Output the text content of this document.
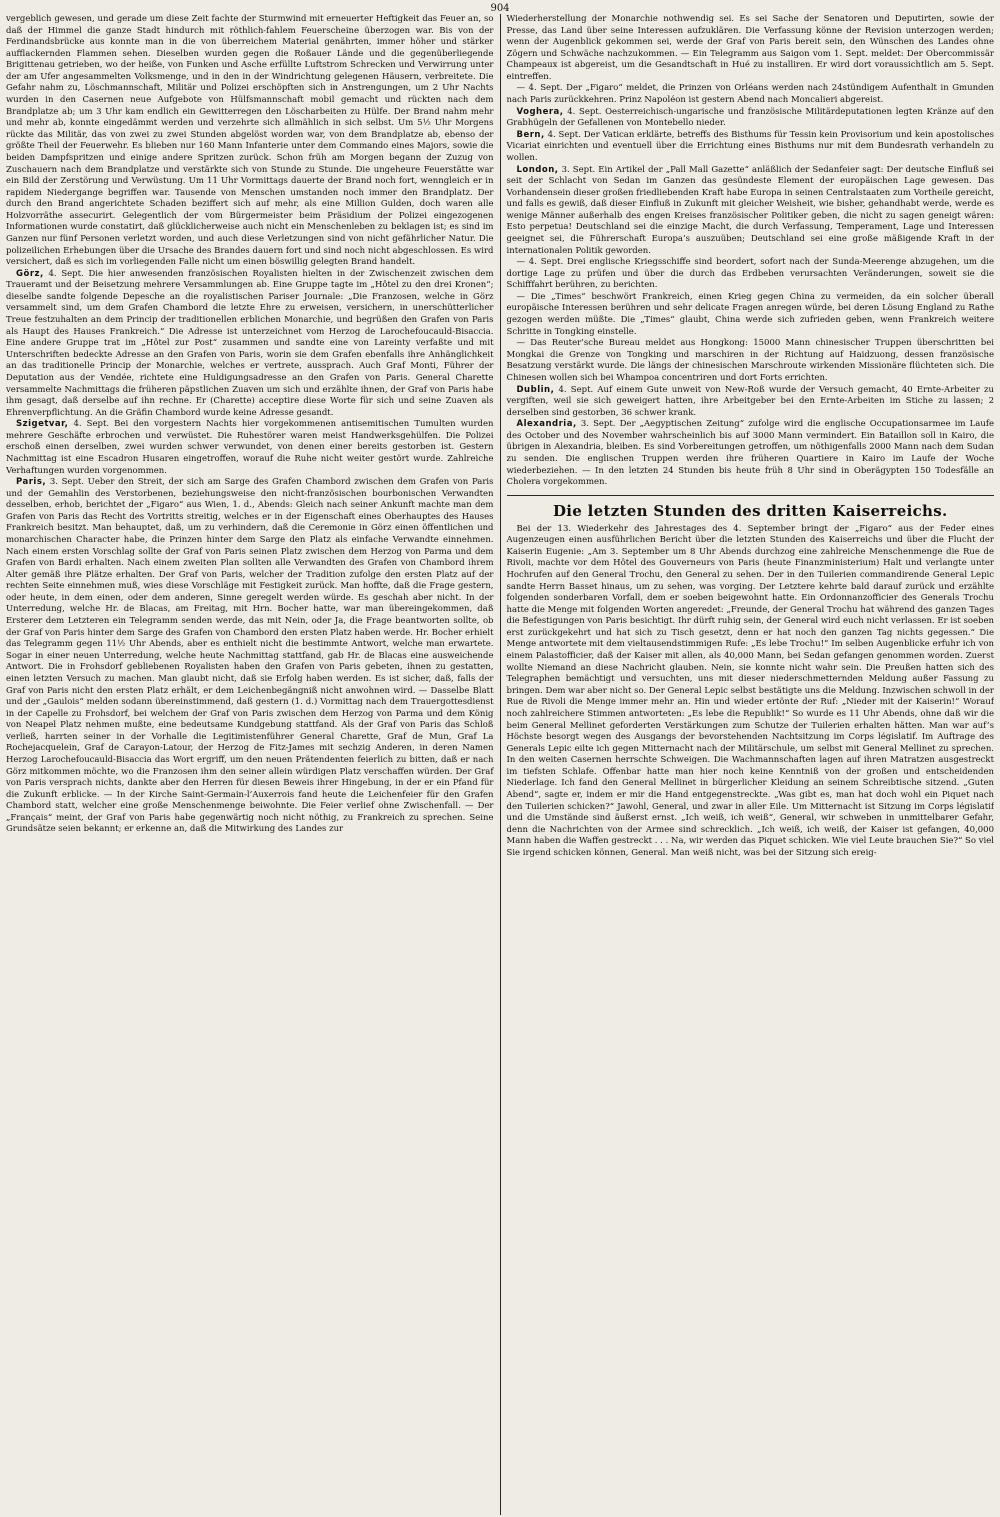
904

vergeblich gewesen, und gerade um diese Zeit fachte der Sturmwind mit erneuerter Heftigkeit das Feuer an, so daß der Himmel die ganze Stadt hindurch mit röthlich-fahlem Feuerscheine überzogen war. Bis von der Ferdinandsbrücke aus konnte man in die von überreichem Material genährten, immer höher und stärker aufflackernden Flammen sehen. Dieselben wurden gegen die Roßauer Lände und die gegenüberliegende Brigittenau getrieben, wo der heiße, von Funken und Asche erfüllte Luftstrom Schrecken und Verwirrung unter der am Ufer angesammelten Volksmenge, und in den in der Windrichtung gelegenen Häusern, verbreitete. Die Gefahr nahm zu, Löschmannschaft, Militär und Polizei erschöpften sich in Anstrengungen, um 2 Uhr Nachts wurden in den Casernen neue Aufgebote von Hülfsmannschaft mobil gemacht und rückten nach dem Brandplatze ab; um 3 Uhr kam endlich ein Gewitterregen den Löscharbeiten zu Hülfe. Der Brand nahm mehr und mehr ab, konnte eingedämmt werden und verzehrte sich allmählich in sich selbst. Um 5½ Uhr Morgens rückte das Militär, das von zwei zu zwei Stunden abgelöst worden war, von dem Brandplatze ab, ebenso der größte Theil der Feuerwehr. Es blieben nur 160 Mann Infanterie unter dem Commando eines Majors, sowie die beiden Dampfspritzen und einige andere Spritzen zurück. Schon früh am Morgen begann der Zuzug von Zuschauern nach dem Brandplatze und verstärkte sich von Stunde zu Stunde. Die ungeheure Feuerstätte war ein Bild der Zerstörung und Verwüstung. Um 11 Uhr Vormittags dauerte der Brand noch fort, wenngleich er in rapidem Niedergange begriffen war. Tausende von Menschen umstanden noch immer den Brandplatz. Der durch den Brand angerichtete Schaden beziffert sich auf mehr, als eine Million Gulden, doch waren alle Holzvorräthe assecurirt. Gelegentlich der vom Bürgermeister beim Präsidium der Polizei eingezogenen Informationen wurde constatirt, daß glücklicherweise auch nicht ein Menschenleben zu beklagen ist; es sind im Ganzen nur fünf Personen verletzt worden, und auch diese Verletzungen sind von nicht gefährlicher Natur. Die polizeilichen Erhebungen über die Ursache des Brandes dauern fort und sind noch nicht abgeschlossen. Es wird versichert, daß es sich im vorliegenden Falle nicht um einen böswillig gelegten Brand handelt.

Görz, 4. Sept. Die hier anwesenden französischen Royalisten hielten in der Zwischenzeit zwischen dem Traueramt und der Beisetzung mehrere Versammlungen ab. Eine Gruppe tagte im „Hôtel zu den drei Kronen“; dieselbe sandte folgende Depesche an die royalistischen Pariser Journale: „Die Franzosen, welche in Görz versammelt sind, um dem Grafen Chambord die letzte Ehre zu erweisen, versichern, in unerschütterlicher Treue festzuhalten an dem Princip der traditionellen erblichen Monarchie, und begrüßen den Grafen von Paris als Haupt des Hauses Frankreich.“ Die Adresse ist unterzeichnet vom Herzog de Larochefoucauld-Bisaccia. Eine andere Gruppe trat im „Hôtel zur Post“ zusammen und sandte eine von Lareinty verfaßte und mit Unterschriften bedeckte Adresse an den Grafen von Paris, worin sie dem Grafen ebenfalls ihre Anhänglichkeit an das traditionelle Princip der Monarchie, welches er vertrete, aussprach. Auch Graf Monti, Führer der Deputation aus der Vendée, richtete eine Huldigungsadresse an den Grafen von Paris. General Charette versammelte Nachmittags die früheren päpstlichen Zuaven um sich und erzählte ihnen, der Graf von Paris habe ihm gesagt, daß derselbe auf ihn rechne. Er (Charette) acceptire diese Worte für sich und seine Zuaven als Ehrenverpflichtung. An die Gräfin Chambord wurde keine Adresse gesandt.

Szigetvar, 4. Sept. Bei den vorgestern Nachts hier vorgekommenen antisemitischen Tumulten wurden mehrere Geschäfte erbrochen und verwüstet. Die Ruhestörer waren meist Handwerksgehülfen. Die Polizei erschoß einen derselben, zwei wurden schwer verwundet, von denen einer bereits gestorben ist. Gestern Nachmittag ist eine Escadron Husaren eingetroffen, worauf die Ruhe nicht weiter gestört wurde. Zahlreiche Verhaftungen wurden vorgenommen.

Paris, 3. Sept. Ueber den Streit, der sich am Sarge des Grafen Chambord zwischen dem Grafen von Paris und der Gemahlin des Verstorbenen, beziehungsweise den nicht-französischen bourbonischen Verwandten desselben, erhob, berichtet der „Figaro“ aus Wien, 1. d., Abends: Gleich nach seiner Ankunft machte man dem Grafen von Paris das Recht des Vortritts streitig, welches er in der Eigenschaft eines Oberhauptes des Hauses Frankreich besitzt. Man behauptet, daß, um zu verhindern, daß die Ceremonie in Görz einen öffentlichen und monarchischen Character habe, die Prinzen hinter dem Sarge den Platz als einfache Verwandte einnehmen. Nach einem ersten Vorschlag sollte der Graf von Paris seinen Platz zwischen dem Herzog von Parma und dem Grafen von Bardi erhalten. Nach einem zweiten Plan sollten alle Verwandten des Grafen von Chambord ihrem Alter gemäß ihre Plätze erhalten. Der Graf von Paris, welcher der Tradition zufolge den ersten Platz auf der rechten Seite einnehmen muß, wies diese Vorschläge mit Festigkeit zurück. Man hoffte, daß die Frage gestern, oder heute, in dem einen, oder dem anderen, Sinne geregelt werden würde. Es geschah aber nicht. In der Unterredung, welche Hr. de Blacas, am Freitag, mit Hrn. Bocher hatte, war man übereingekommen, daß Ersterer dem Letzteren ein Telegramm senden werde, das mit Nein, oder Ja, die Frage beantworten sollte, ob der Graf von Paris hinter dem Sarge des Grafen von Chambord den ersten Platz haben werde. Hr. Bocher erhielt das Telegramm gegen 11½ Uhr Abends, aber es enthielt nicht die bestimmte Antwort, welche man erwartete. Sogar in einer neuen Unterredung, welche heute Nachmittag stattfand, gab Hr. de Blacas eine ausweichende Antwort. Die in Frohsdorf gebliebenen Royalisten haben den Grafen von Paris gebeten, ihnen zu gestatten, einen letzten Versuch zu machen. Man glaubt nicht, daß sie Erfolg haben werden. Es ist sicher, daß, falls der Graf von Paris nicht den ersten Platz erhält, er dem Leichenbegängniß nicht anwohnen wird. — Dasselbe Blatt und der „Gaulois“ melden sodann übereinstimmend, daß gestern (1. d.) Vormittag nach dem Trauergottesdienst in der Capelle zu Frohsdorf, bei welchem der Graf von Paris zwischen dem Herzog von Parma und dem König von Neapel Platz nehmen mußte, eine bedeutsame Kundgebung stattfand. Als der Graf von Paris das Schloß verließ, harrten seiner in der Vorhalle die Legitimistenführer General Charette, Graf de Mun, Graf La Rochejacquelein, Graf de Carayon-Latour, der Herzog de Fitz-James mit sechzig Anderen, in deren Namen Herzog Larochefoucauld-Bisaccia das Wort ergriff, um den neuen Prätendenten feierlich zu bitten, daß er nach Görz mitkommen möchte, wo die Franzosen ihm den seiner allein würdigen Platz verschaffen würden. Der Graf von Paris versprach nichts, dankte aber den Herren für diesen Beweis ihrer Hingebung, in der er ein Pfand für die Zukunft erblicke. — In der Kirche Saint-Germain-l’Auxerrois fand heute die Leichenfeier für den Grafen Chambord statt, welcher eine große Menschenmenge beiwohnte. Die Feier verlief ohne Zwischenfall. — Der „Français“ meint, der Graf von Paris habe gegenwärtig noch nicht nöthig, zu Frankreich zu sprechen. Seine Grundsätze seien bekannt; er erkenne an, daß die Mitwirkung des Landes zur

Wiederherstellung der Monarchie nothwendig sei. Es sei Sache der Senatoren und Deputirten, sowie der Presse, das Land über seine Interessen aufzuklären. Die Verfassung könne der Revision unterzogen werden; wenn der Augenblick gekommen sei, werde der Graf von Paris bereit sein, den Wünschen des Landes ohne Zögern und Schwäche nachzukommen. — Ein Telegramm aus Saigon vom 1. Sept. meldet: Der Obercommissär Champeaux ist abgereist, um die Gesandtschaft in Hué zu installiren. Er wird dort voraussichtlich am 5. Sept. eintreffen.

— 4. Sept. Der „Figaro“ meldet, die Prinzen von Orléans werden nach 24stündigem Aufenthalt in Gmunden nach Paris zurückkehren. Prinz Napoléon ist gestern Abend nach Moncalieri abgereist.

Voghera, 4. Sept. Oesterreichisch-ungarische und französische Militärdeputationen legten Kränze auf den Grabhügeln der Gefallenen von Montebello nieder.

Bern, 4. Sept. Der Vatican erklärte, betreffs des Bisthums für Tessin kein Provisorium und kein apostolisches Vicariat einrichten und eventuell über die Errichtung eines Bisthums nur mit dem Bundesrath verhandeln zu wollen.

London, 3. Sept. Ein Artikel der „Pall Mall Gazette“ anläßlich der Sedanfeier sagt: Der deutsche Einfluß sei seit der Schlacht von Sedan im Ganzen das gesündeste Element der europäischen Lage gewesen. Das Vorhandensein dieser großen friedliebenden Kraft habe Europa in seinen Centralstaaten zum Vortheile gereicht, und falls es gewiß, daß dieser Einfluß in Zukunft mit gleicher Weisheit, wie bisher, gehandhabt werde, werde es wenige Männer außerhalb des engen Kreises französischer Politiker geben, die nicht zu sagen geneigt wären: Esto perpetua! Deutschland sei die einzige Macht, die durch Verfassung, Temperament, Lage und Interessen geeignet sei, die Führerschaft Europa’s auszuüben; Deutschland sei eine große mäßigende Kraft in der internationalen Politik geworden.

— 4. Sept. Drei englische Kriegsschiffe sind beordert, sofort nach der Sunda-Meerenge abzugehen, um die dortige Lage zu prüfen und über die durch das Erdbeben verursachten Veränderungen, soweit sie die Schifffahrt berühren, zu berichten.

— Die „Times“ beschwört Frankreich, einen Krieg gegen China zu vermeiden, da ein solcher überall europäische Interessen berühren und sehr delicate Fragen anregen würde, bei deren Lösung England zu Rathe gezogen werden müßte. Die „Times“ glaubt, China werde sich zufrieden geben, wenn Frankreich weitere Schritte in Tongking einstelle.

— Das Reuter’sche Bureau meldet aus Hongkong: 15000 Mann chinesischer Truppen überschritten bei Mongkai die Grenze von Tongking und marschiren in der Richtung auf Haidzuong, dessen französische Besatzung verstärkt wurde. Die längs der chinesischen Marschroute wirkenden Missionäre flüchteten sich. Die Chinesen wollen sich bei Whampoa concentriren und dort Forts errichten.

Dublin, 4. Sept. Auf einem Gute unweit von New-Roß wurde der Versuch gemacht, 40 Ernte-Arbeiter zu vergiften, weil sie sich geweigert hatten, ihre Arbeitgeber bei den Ernte-Arbeiten im Stiche zu lassen; 2 derselben sind gestorben, 36 schwer krank.

Alexandria, 3. Sept. Der „Aegyptischen Zeitung“ zufolge wird die englische Occupationsarmee im Laufe des October und des November wahrscheinlich bis auf 3000 Mann vermindert. Ein Bataillon soll in Kairo, die übrigen in Alexandria, bleiben. Es sind Vorbereitungen getroffen, um nöthigenfalls 2000 Mann nach dem Sudan zu senden. Die englischen Truppen werden ihre früheren Quartiere in Kairo im Laufe der Woche wiederbeziehen. — In den letzten 24 Stunden bis heute früh 8 Uhr sind in Oberägypten 150 Todesfälle an Cholera vorgekommen.

Die letzten Stunden des dritten Kaiserreichs.

Bei der 13. Wiederkehr des Jahrestages des 4. September bringt der „Figaro“ aus der Feder eines Augenzeugen einen ausführlichen Bericht über die letzten Stunden des Kaiserreichs und über die Flucht der Kaiserin Eugenie: „Am 3. September um 8 Uhr Abends durchzog eine zahlreiche Menschenmenge die Rue de Rivoli, machte vor dem Hôtel des Gouverneurs von Paris (heute Finanzministerium) Halt und verlangte unter Hochrufen auf den General Trochu, den General zu sehen. Der in den Tuilerien commandirende General Lepic sandte Herrn Basset hinaus, um zu sehen, was vorging. Der Letztere kehrte bald darauf zurück und erzählte folgenden sonderbaren Vorfall, dem er soeben beigewohnt hatte. Ein Ordonnanzofficier des Generals Trochu hatte die Menge mit folgenden Worten angeredet: „Freunde, der General Trochu hat während des ganzen Tages die Befestigungen von Paris besichtigt. Ihr dürft ruhig sein, der General wird euch nicht verlassen. Er ist soeben erst zurückgekehrt und hat sich zu Tisch gesetzt, denn er hat noch den ganzen Tag nichts gegessen.“ Die Menge antwortete mit dem vieltausendstimmigen Rufe: „Es lebe Trochu!“ Im selben Augenblicke erfuhr ich von einem Palastofficier, daß der Kaiser mit allen, als 40,000 Mann, bei Sedan gefangen genommen worden. Zuerst wollte Niemand an diese Nachricht glauben. Nein, sie konnte nicht wahr sein. Die Preußen hatten sich des Telegraphen bemächtigt und versuchten, uns mit dieser niederschmetternden Meldung außer Fassung zu bringen. Dem war aber nicht so. Der General Lepic selbst bestätigte uns die Meldung. Inzwischen schwoll in der Rue de Rivoli die Menge immer mehr an. Hin und wieder ertönte der Ruf: „Nieder mit der Kaiserin!“ Worauf noch zahlreichere Stimmen antworteten: „Es lebe die Republik!“ So wurde es 11 Uhr Abends, ohne daß wir die beim General Mellinet geforderten Verstärkungen zum Schutze der Tuilerien erhalten hätten. Man war auf’s Höchste besorgt wegen des Ausgangs der bevorstehenden Nachtsitzung im Corps législatif. Im Auftrage des Generals Lepic eilte ich gegen Mitternacht nach der Militärschule, um selbst mit General Mellinet zu sprechen. In den weiten Casernen herrschte Schweigen. Die Wachmannschaften lagen auf ihren Matratzen ausgestreckt im tiefsten Schlafe. Offenbar hatte man hier noch keine Kenntniß von der großen und entscheidenden Niederlage. Ich fand den General Mellinet in bürgerlicher Kleidung an seinem Schreibtische sitzend. „Guten Abend“, sagte er, indem er mir die Hand entgegenstreckte. „Was gibt es, man hat doch wohl ein Piquet nach den Tuilerien schicken?“ Jawohl, General, und zwar in aller Eile. Um Mitternacht ist Sitzung im Corps législatif und die Umstände sind äußerst ernst. „Ich weiß, ich weiß“, General, wir schweben in unmittelbarer Gefahr, denn die Nachrichten von der Armee sind schrecklich. „Ich weiß, ich weiß, der Kaiser ist gefangen, 40,000 Mann haben die Waffen gestreckt . . . Na, wir werden das Piquet schicken. Wie viel Leute brauchen Sie?“ So viel Sie irgend schicken können, General. Man weiß nicht, was bei der Sitzung sich ereig-
